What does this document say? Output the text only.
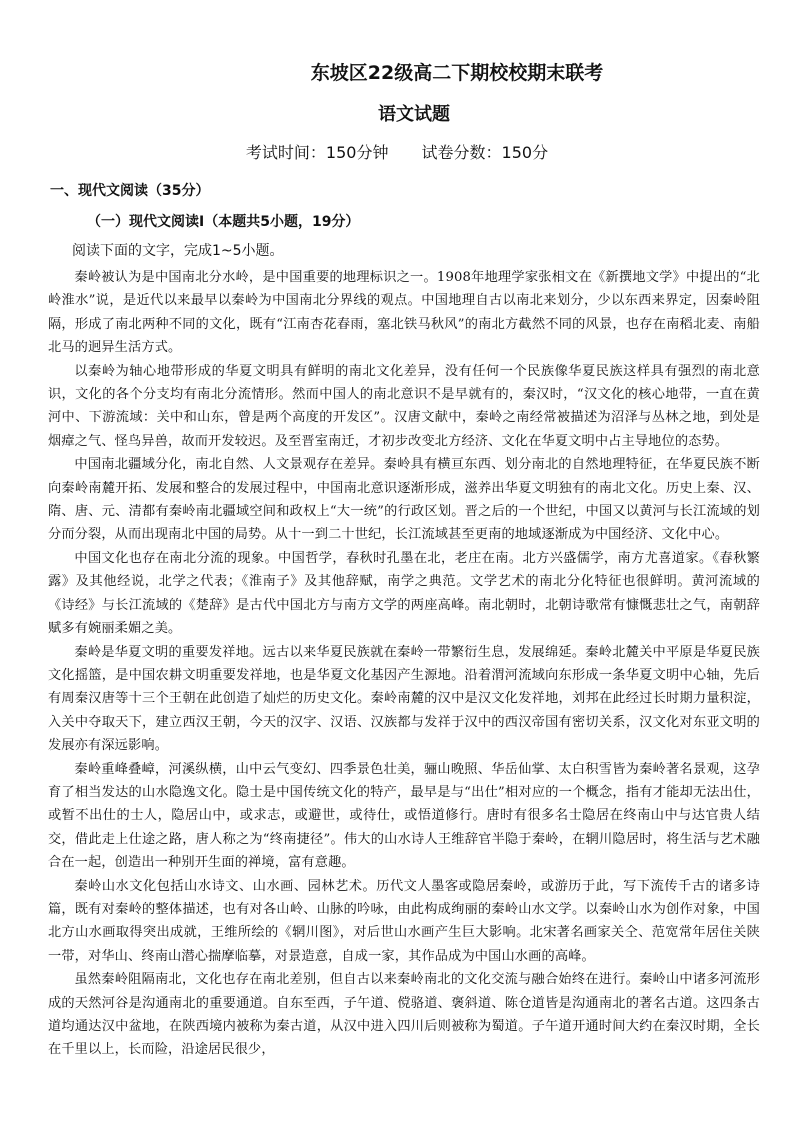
东坡区22级高二下期校校期末联考
语文试题
考试时间：150分钟 试卷分数：150分
一、现代文阅读（35分）
（一）现代文阅读Ⅰ（本题共5小题，19分）
阅读下面的文字，完成1~5小题。

秦岭被认为是中国南北分水岭，是中国重要的地理标识之一。1908年地理学家张相文在《新撰地文学》中提出的“北岭淮水”说，是近代以来最早以秦岭为中国南北分界线的观点。中国地理自古以南北来划分，少以东西来界定，因秦岭阻隔，形成了南北两种不同的文化，既有“江南杏花春雨，塞北铁马秋风”的南北方截然不同的风景，也存在南稻北麦、南船北马的迥异生活方式。

以秦岭为轴心地带形成的华夏文明具有鲜明的南北文化差异，没有任何一个民族像华夏民族这样具有强烈的南北意识，文化的各个分支均有南北分流情形。然而中国人的南北意识不是早就有的，秦汉时，“汉文化的核心地带，一直在黄河中、下游流域：关中和山东，曾是两个高度的开发区”。汉唐文献中，秦岭之南经常被描述为沼泽与丛林之地，到处是烟瘴之气、怪鸟异兽，故而开发较迟。及至晋室南迁，才初步改变北方经济、文化在华夏文明中占主导地位的态势。

中国南北疆域分化，南北自然、人文景观存在差异。秦岭具有横亘东西、划分南北的自然地理特征，在华夏民族不断向秦岭南麓开拓、发展和整合的发展过程中，中国南北意识逐渐形成，滋养出华夏文明独有的南北文化。历史上秦、汉、隋、唐、元、清都有秦岭南北疆域空间和政权上“大一统”的行政区划。晋之后的一个世纪，中国又以黄河与长江流域的划分而分裂，从而出现南北中国的局势。从十一到二十世纪，长江流域甚至更南的地域逐渐成为中国经济、文化中心。

中国文化也存在南北分流的现象。中国哲学，春秋时孔墨在北，老庄在南。北方兴盛儒学，南方尤喜道家。《春秋繁露》及其他经说，北学之代表；《淮南子》及其他辞赋，南学之典范。文学艺术的南北分化特征也很鲜明。黄河流域的《诗经》与长江流域的《楚辞》是古代中国北方与南方文学的两座高峰。南北朝时，北朝诗歌常有慷慨悲壮之气，南朝辞赋多有婉丽柔媚之美。

秦岭是华夏文明的重要发祥地。远古以来华夏民族就在秦岭一带繁衍生息，发展绵延。秦岭北麓关中平原是华夏民族文化摇篮，是中国农耕文明重要发祥地，也是华夏文化基因产生源地。沿着渭河流域向东形成一条华夏文明中心轴，先后有周秦汉唐等十三个王朝在此创造了灿烂的历史文化。秦岭南麓的汉中是汉文化发祥地，刘邦在此经过长时期力量积淀，入关中夺取天下，建立西汉王朝，今天的汉字、汉语、汉族都与发祥于汉中的西汉帝国有密切关系，汉文化对东亚文明的发展亦有深远影响。

秦岭重峰叠嶂，河溪纵横，山中云气变幻、四季景色壮美，骊山晚照、华岳仙掌、太白积雪皆为秦岭著名景观，这孕育了相当发达的山水隐逸文化。隐士是中国传统文化的特产，最早是与“出仕”相对应的一个概念，指有才能却无法出仕，或暂不出仕的士人，隐居山中，或求志，或避世，或待仕，或悟道修行。唐时有很多名士隐居在终南山中与达官贵人结交，借此走上仕途之路，唐人称之为“终南捷径”。伟大的山水诗人王维辞官半隐于秦岭，在辋川隐居时，将生活与艺术融合在一起，创造出一种别开生面的禅境，富有意趣。

秦岭山水文化包括山水诗文、山水画、园林艺术。历代文人墨客或隐居秦岭，或游历于此，写下流传千古的诸多诗篇，既有对秦岭的整体描述，也有对各山岭、山脉的吟咏，由此构成绚丽的秦岭山水文学。以秦岭山水为创作对象，中国北方山水画取得突出成就，王维所绘的《辋川图》，对后世山水画产生巨大影响。北宋著名画家关仝、范宽常年居住关陕一带，对华山、终南山潜心揣摩临摹，对景造意，自成一家，其作品成为中国山水画的高峰。

虽然秦岭阻隔南北，文化也存在南北差别，但自古以来秦岭南北的文化交流与融合始终在进行。秦岭山中诸多河流形成的天然河谷是沟通南北的重要通道。自东至西，子午道、傥骆道、褒斜道、陈仓道皆是沟通南北的著名古道。这四条古道均通达汉中盆地，在陕西境内被称为秦古道，从汉中进入四川后则被称为蜀道。子午道开通时间大约在秦汉时期，全长在千里以上，长而险，沿途居民很少，
